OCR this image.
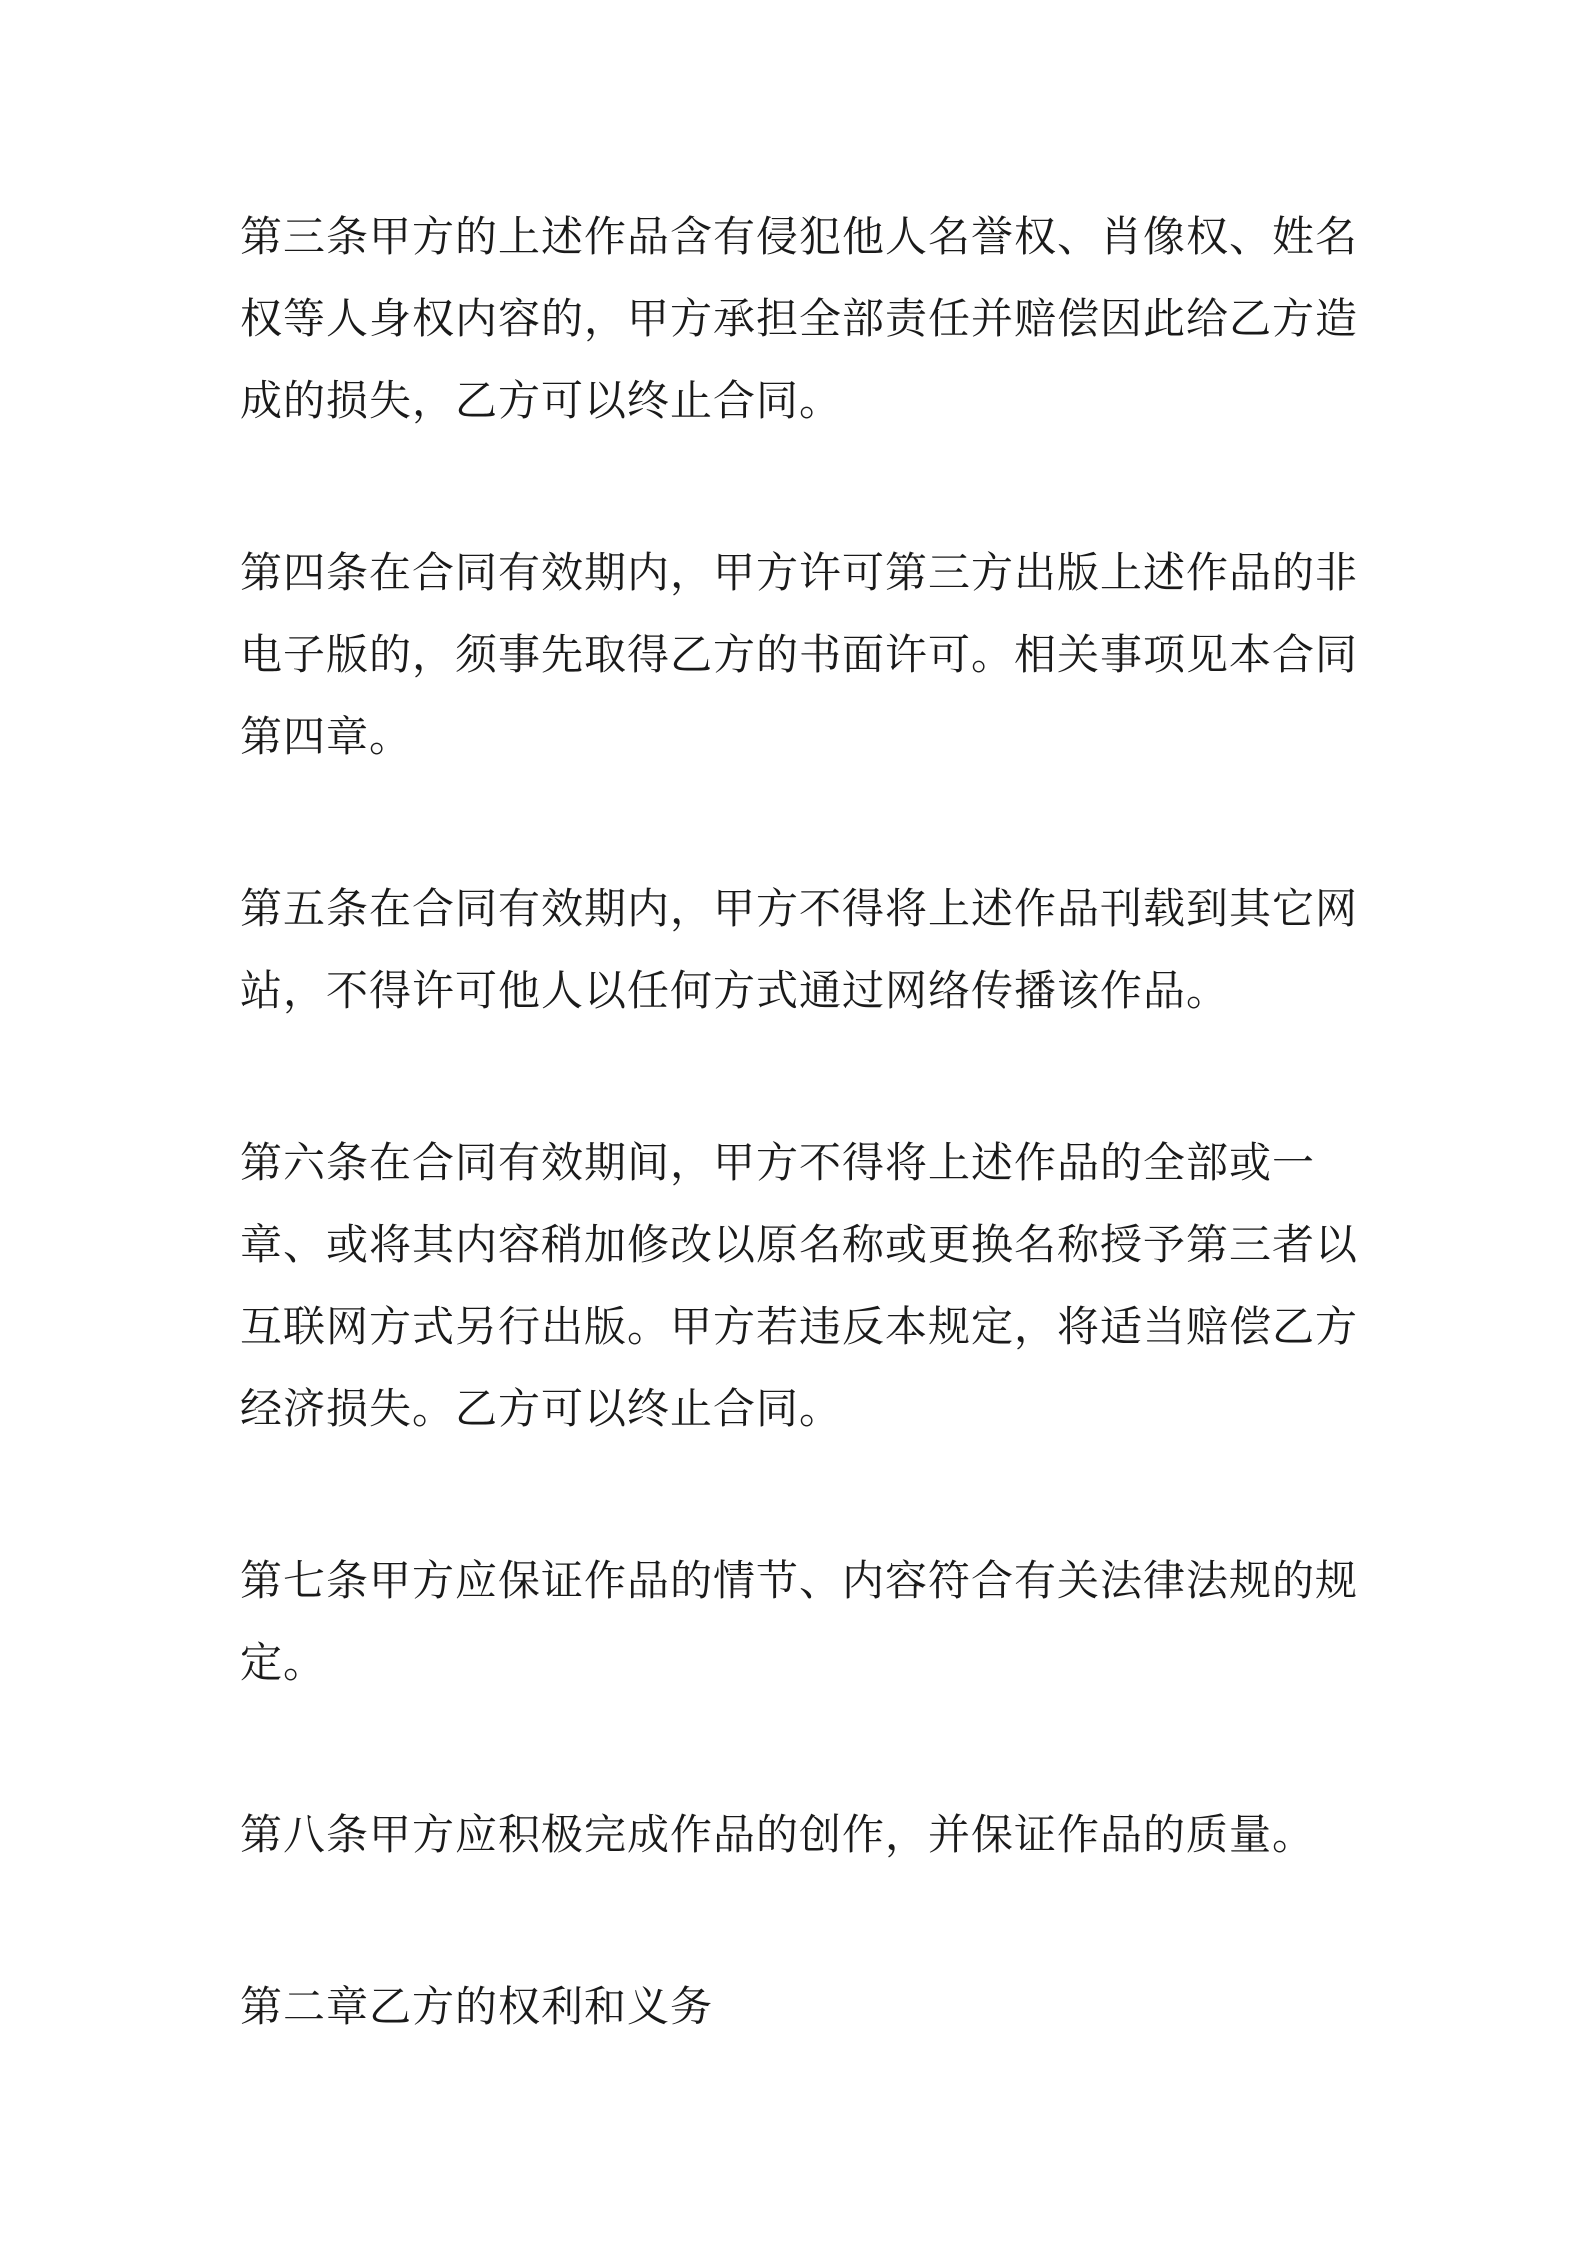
第三条甲方的上述作品含有侵犯他人名誉权、肖像权、姓名权等人身权内容的，甲方承担全部责任并赔偿因此给乙方造成的损失，乙方可以终止合同。

第四条在合同有效期内，甲方许可第三方出版上述作品的非电子版的，须事先取得乙方的书面许可。相关事项见本合同第四章。

第五条在合同有效期内，甲方不得将上述作品刊载到其它网站，不得许可他人以任何方式通过网络传播该作品。

第六条在合同有效期间，甲方不得将上述作品的全部或一章、或将其内容稍加修改以原名称或更换名称授予第三者以互联网方式另行出版。甲方若违反本规定，将适当赔偿乙方经济损失。乙方可以终止合同。

第七条甲方应保证作品的情节、内容符合有关法律法规的规定。

第八条甲方应积极完成作品的创作，并保证作品的质量。

第二章乙方的权利和义务
